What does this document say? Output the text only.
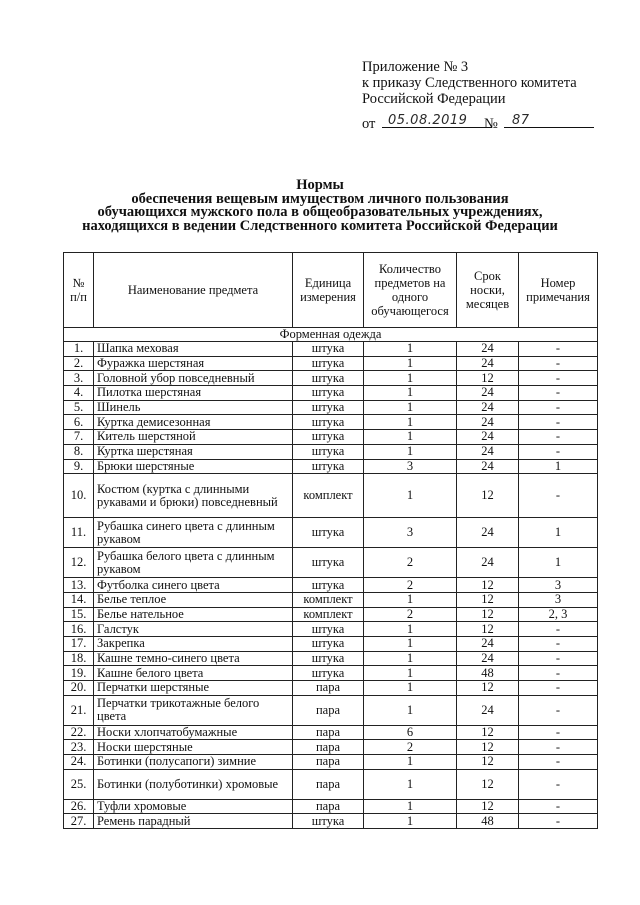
Приложение № 3
к приказу Следственного комитета
Российской Федерации
от 05.08.2019 № 87
Нормы
обеспечения вещевым имуществом личного пользования
обучающихся мужского пола в общеобразовательных учреждениях,
находящихся в ведении Следственного комитета Российской Федерации
№ п/п	Наименование предмета	Единица измерения	Количество предметов на одного обучающегося	Срок носки, месяцев	Номер примечания
Форменная одежда					
1.	Шапка меховая	штука	1	24	-
2.	Фуражка шерстяная	штука	1	24	-
3.	Головной убор повседневный	штука	1	12	-
4.	Пилотка шерстяная	штука	1	24	-
5.	Шинель	штука	1	24	-
6.	Куртка демисезонная	штука	1	24	-
7.	Китель шерстяной	штука	1	24	-
8.	Куртка шерстяная	штука	1	24	-
9.	Брюки шерстяные	штука	3	24	1
10.	Костюм (куртка с длинными рукавами и брюки) повседневный	комплект	1	12	-
11.	Рубашка синего цвета с длинным рукавом	штука	3	24	1
12.	Рубашка белого цвета с длинным рукавом	штука	2	24	1
13.	Футболка синего цвета	штука	2	12	3
14.	Белье теплое	комплект	1	12	3
15.	Белье нательное	комплект	2	12	2, 3
16.	Галстук	штука	1	12	-
17.	Закрепка	штука	1	24	-
18.	Кашне темно-синего цвета	штука	1	24	-
19.	Кашне белого цвета	штука	1	48	-
20.	Перчатки шерстяные	пара	1	12	-
21.	Перчатки трикотажные белого цвета	пара	1	24	-
22.	Носки хлопчатобумажные	пара	6	12	-
23.	Носки шерстяные	пара	2	12	-
24.	Ботинки (полусапоги) зимние	пара	1	12	-
25.	Ботинки (полуботинки) хромовые	пара	1	12	-
26.	Туфли хромовые	пара	1	12	-
27.	Ремень парадный	штука	1	48	-
